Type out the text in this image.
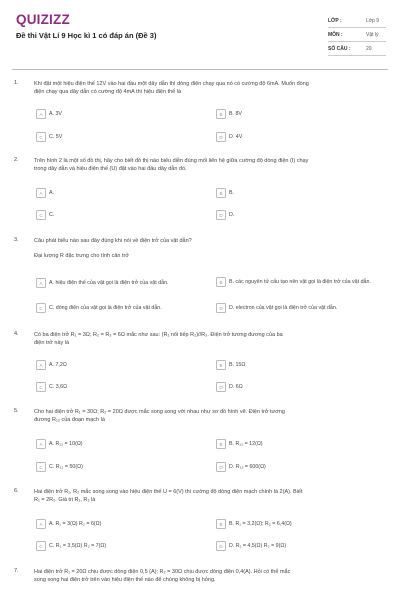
QUIZIZZ
Đề thi Vật Lí 9 Học kì 1 có đáp án (Đề 3)
LỚP :	Lớp 9
MÔN :	Vật lý
SỐ CÂU :	20
1.	Khi đặt một hiệu điện thế 12V vào hai đầu một dây dẫn thì dòng điện chạy qua nó có cường độ 6mA. Muốn dòng
điện chạy qua dây dẫn có cường độ 4mA thì hiệu điện thế là
A	A. 3V	B	B. 8V
C	C. 5V	D	D. 4V
2.	Trên hình 2 là một số đồ thị, hãy cho biết đồ thị nào biểu diễn đúng mối liên hệ giữa cường độ dòng điện (I) chạy
trong dây dẫn và hiệu điện thế (U) đặt vào hai đầu dây dẫn đó.
A	A.	B	B.
C	C.	D	D.
3.	Câu phát biểu nào sau đây đúng khi nói về điện trở của vật dẫn?
Đại lượng R đặc trưng cho tính cản trở
A	A. hiệu điện thế của vật gọi là điện trở của vật dẫn.	B	B. các nguyên tử cấu tạo nên vật gọi là điện trở của vật dẫn.
C	C. dòng điện của vật gọi là điện trở của vật dẫn.	D	D. electron của vật gọi là điện trở của vật dẫn.
4.	Có ba điện trở R₁ = 3Ω; R₂ = R₃ = 6Ω mắc như sau: (R₁ nối tiếp R₂)//R₃. Điện trở tương đương của ba
điện trở này là
A	A. 7,2Ω	B	B. 15Ω
C	C. 3,6Ω	D	D. 6Ω
5.	Cho hai điện trở R₁ = 30Ω; R₂ = 20Ω được mắc song song với nhau như sơ đồ hình vẽ. Điện trở tương
đương R₁₂ của đoạn mạch là
A	A. R₁₂ = 10(Ω)	B	B. R₁₂ = 12(Ω)
C	C. R₁₂ = 50(Ω)	D	D. R₁₂ = 600(Ω)
6.	Hai điện trở R₁, R₂ mắc song song vào hiệu điện thế U = 6(V) thì cường độ dòng điện mạch chính là 2(A). Biết
R₁ = 2R₂. Giá trị R₁, R₂ là
A	A. R₁ = 3(Ω) R₂ = 6(Ω)	B	B. R₁ = 3,2(Ω); R₂ = 6,4(Ω)
C	C. R₁ = 3,5(Ω) R₂ = 7(Ω)	D	D. R₁ = 4,5(Ω) R₂ = 9(Ω)
7.	Hai điện trở R₁ = 20Ω chịu được dòng điện 0,5 (A); R₂ = 30Ω chịu được dòng điện 0,4(A). Hỏi có thể mắc
song song hai điện trở trên vào hiệu điện thế nào để chúng không bị hỏng.
